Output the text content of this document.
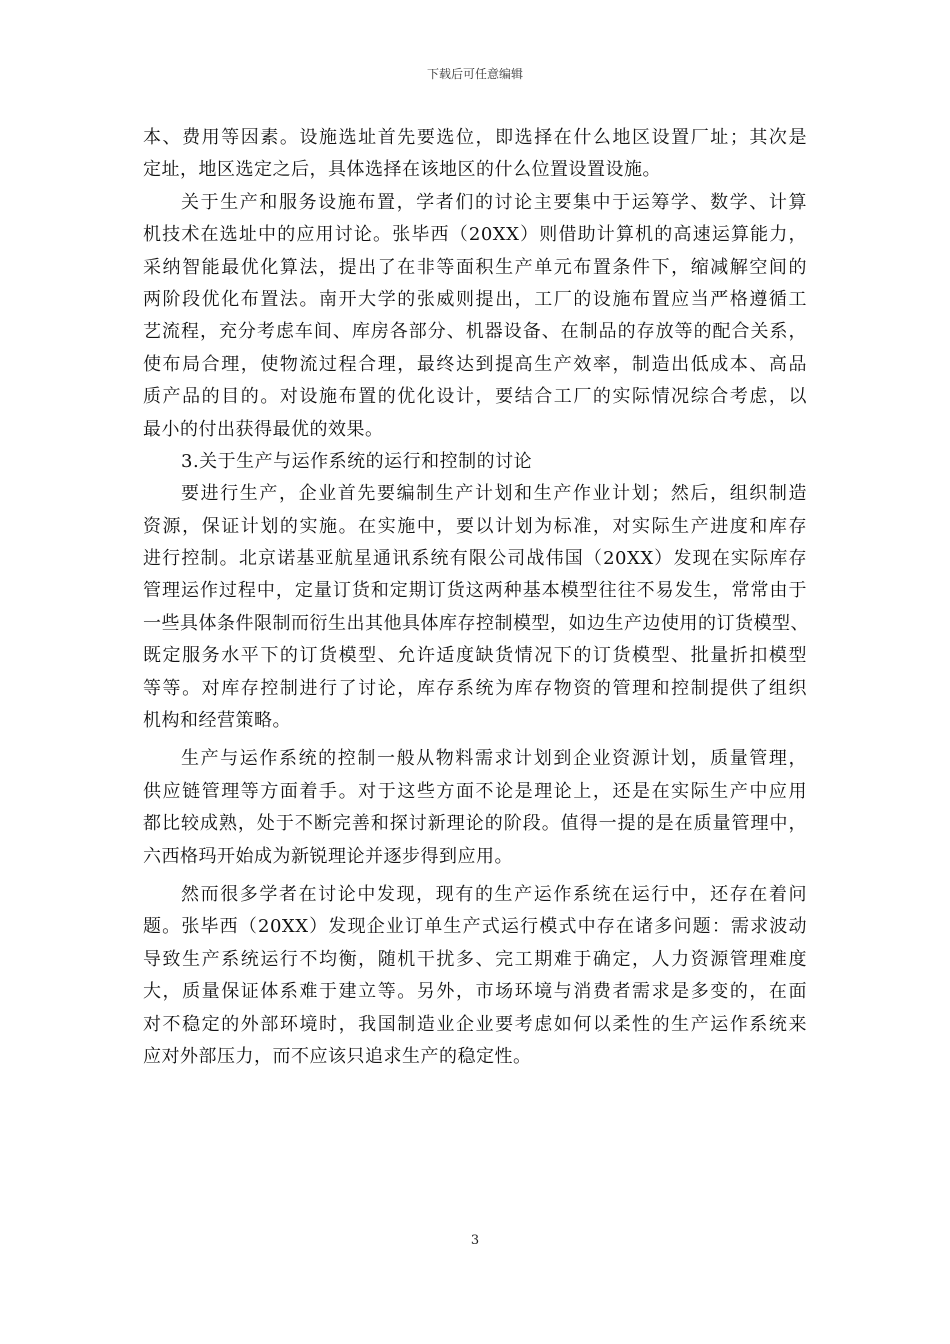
下载后可任意编辑
本、费用等因素。设施选址首先要选位，即选择在什么地区设置厂址；其次是
定址，地区选定之后，具体选择在该地区的什么位置设置设施。
关于生产和服务设施布置，学者们的讨论主要集中于运筹学、数学、计算
机技术在选址中的应用讨论。张毕西（20XX）则借助计算机的高速运算能力，
采纳智能最优化算法，提出了在非等面积生产单元布置条件下，缩减解空间的
两阶段优化布置法。南开大学的张威则提出，工厂的设施布置应当严格遵循工
艺流程，充分考虑车间、库房各部分、机器设备、在制品的存放等的配合关系，
使布局合理，使物流过程合理，最终达到提高生产效率，制造出低成本、高品
质产品的目的。对设施布置的优化设计，要结合工厂的实际情况综合考虑，以
最小的付出获得最优的效果。
3.关于生产与运作系统的运行和控制的讨论
要进行生产，企业首先要编制生产计划和生产作业计划；然后，组织制造
资源，保证计划的实施。在实施中，要以计划为标准，对实际生产进度和库存
进行控制。北京诺基亚航星通讯系统有限公司战伟国（20XX）发现在实际库存
管理运作过程中，定量订货和定期订货这两种基本模型往往不易发生，常常由于
一些具体条件限制而衍生出其他具体库存控制模型，如边生产边使用的订货模型、
既定服务水平下的订货模型、允许适度缺货情况下的订货模型、批量折扣模型
等等。对库存控制进行了讨论，库存系统为库存物资的管理和控制提供了组织
机构和经营策略。
生产与运作系统的控制一般从物料需求计划到企业资源计划，质量管理，
供应链管理等方面着手。对于这些方面不论是理论上，还是在实际生产中应用
都比较成熟，处于不断完善和探讨新理论的阶段。值得一提的是在质量管理中，
六西格玛开始成为新锐理论并逐步得到应用。
然而很多学者在讨论中发现，现有的生产运作系统在运行中，还存在着问
题。张毕西（20XX）发现企业订单生产式运行模式中存在诸多问题：需求波动
导致生产系统运行不均衡，随机干扰多、完工期难于确定，人力资源管理难度
大，质量保证体系难于建立等。另外，市场环境与消费者需求是多变的，在面
对不稳定的外部环境时，我国制造业企业要考虑如何以柔性的生产运作系统来
应对外部压力，而不应该只追求生产的稳定性。
3
